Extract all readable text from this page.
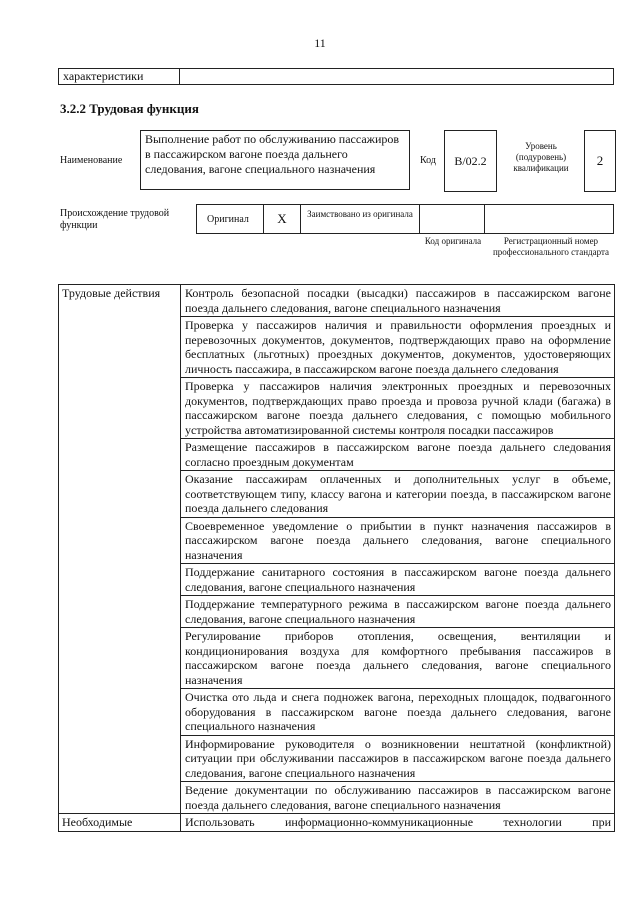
11
характеристики	
3.2.2 Трудовая функция
Наименование
Выполнение работ по обслуживанию пассажиров в пассажирском вагоне поезда дальнего следования, вагоне специального назначения
Код	B/02.2
Уровень (подуровень) квалификации	2
Происхождение трудовой функции
Оригинал	X	Заимствовано из оригинала
Код оригинала	Регистрационный номер профессионального стандарта
Трудовые действия	Контроль безопасной посадки (высадки) пассажиров в пассажирском вагоне поезда дальнего следования, вагоне специального назначения
	Проверка у пассажиров наличия и правильности оформления проездных и перевозочных документов, документов, подтверждающих право на оформление бесплатных (льготных) проездных документов, документов, удостоверяющих личность пассажира, в пассажирском вагоне поезда дальнего следования
	Проверка у пассажиров наличия электронных проездных и перевозочных документов, подтверждающих право проезда и провоза ручной клади (багажа) в пассажирском вагоне поезда дальнего следования, с помощью мобильного устройства автоматизированной системы контроля посадки пассажиров
	Размещение пассажиров в пассажирском вагоне поезда дальнего следования согласно проездным документам
	Оказание пассажирам оплаченных и дополнительных услуг в объеме, соответствующем типу, классу вагона и категории поезда, в пассажирском вагоне поезда дальнего следования
	Своевременное уведомление о прибытии в пункт назначения пассажиров в пассажирском вагоне поезда дальнего следования, вагоне специального назначения
	Поддержание санитарного состояния в пассажирском вагоне поезда дальнего следования, вагоне специального назначения
	Поддержание температурного режима в пассажирском вагоне поезда дальнего следования, вагоне специального назначения
	Регулирование приборов отопления, освещения, вентиляции и кондиционирования воздуха для комфортного пребывания пассажиров в пассажирском вагоне поезда дальнего следования, вагоне специального назначения
	Очистка ото льда и снега подножек вагона, переходных площадок, подвагонного оборудования в пассажирском вагоне поезда дальнего следования, вагоне специального назначения
	Информирование руководителя о возникновении нештатной (конфликтной) ситуации при обслуживании пассажиров в пассажирском вагоне поезда дальнего следования, вагоне специального назначения
	Ведение документации по обслуживанию пассажиров в пассажирском вагоне поезда дальнего следования, вагоне специального назначения
Необходимые	Использовать информационно-коммуникационные технологии при
